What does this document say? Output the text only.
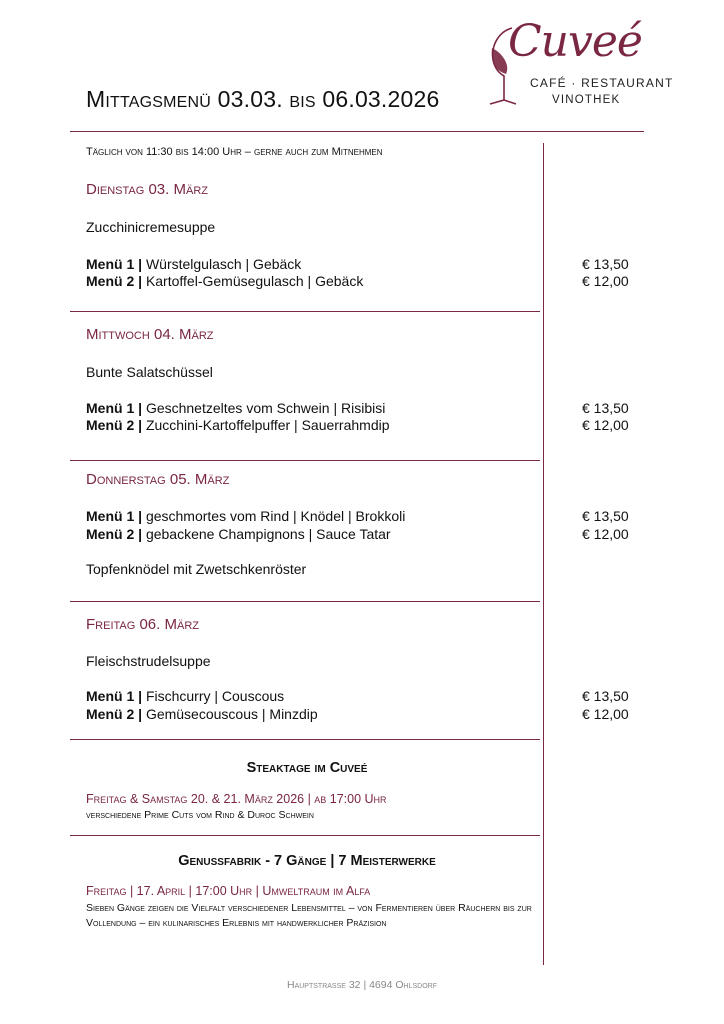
Mittagsmenü 03.03. bis 06.03.2026
Cuveé
CAFÉ · RESTAURANT
VINOTHEK
Täglich von 11:30 bis 14:00 Uhr – gerne auch zum Mitnehmen
Dienstag 03. März
Zucchinicremesuppe
Menü 1 | Würstelgulasch | Gebäck	€ 13,50
Menü 2 | Kartoffel-Gemüsegulasch | Gebäck	€ 12,00
Mittwoch 04. März
Bunte Salatschüssel
Menü 1 | Geschnetzeltes vom Schwein | Risibisi	€ 13,50
Menü 2 | Zucchini-Kartoffelpuffer | Sauerrahmdip	€ 12,00
Donnerstag 05. März
Menü 1 | geschmortes vom Rind | Knödel | Brokkoli	€ 13,50
Menü 2 | gebackene Champignons | Sauce Tatar	€ 12,00
Topfenknödel mit Zwetschkenröster
Freitag 06. März
Fleischstrudelsuppe
Menü 1 | Fischcurry | Couscous	€ 13,50
Menü 2 | Gemüsecouscous | Minzdip	€ 12,00
Steaktage im Cuveé
Freitag & Samstag 20. & 21. März 2026 | ab 17:00 Uhr
verschiedene Prime Cuts vom Rind & Duroc Schwein
Genussfabrik - 7 Gänge | 7 Meisterwerke
Freitag | 17. April | 17:00 Uhr | Umweltraum im Alfa
Sieben Gänge zeigen die Vielfalt verschiedener Lebensmittel – von Fermentieren über Räuchern bis zur Vollendung – ein kulinarisches Erlebnis mit handwerklicher Präzision
Hauptstraße 32 | 4694 Ohlsdorf
